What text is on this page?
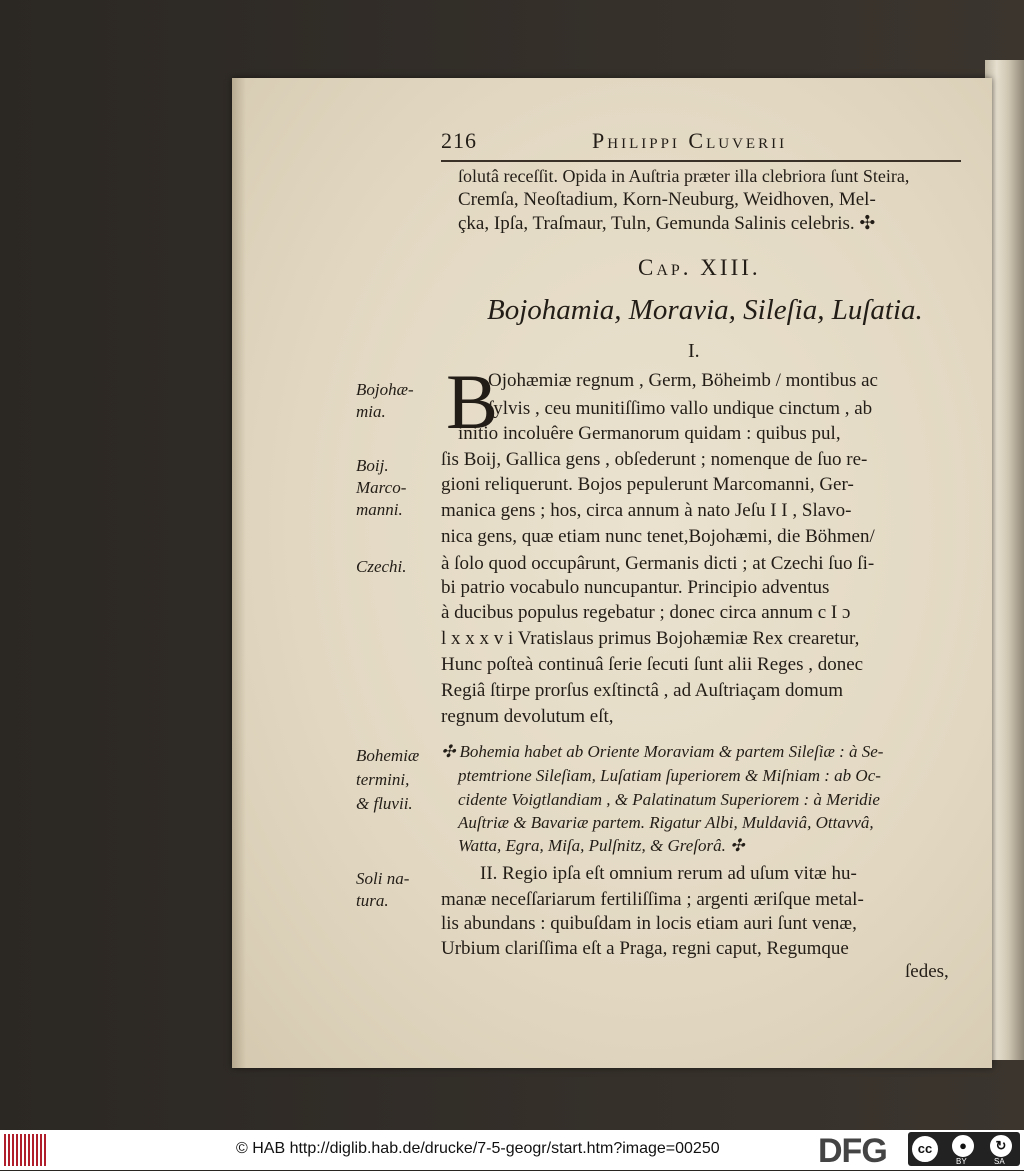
216	Philippi Cluverii
ſolutâ receſſit. Opida in Auſtria præter illa clebriora ſunt Steira,
Cremſa, Neoſtadium, Korn-Neuburg, Weidhoven, Mel-
çka, Ipſa, Traſmaur, Tuln, Gemunda Salinis celebris. ✣
Cap. XIII.
Bojohamia, Moravia, Sileſia, Luſatia.
I.
B
Ojohæmiæ regnum , Germ, Böheimb / montibus ac
ſylvis , ceu munitiſſimo vallo undique cinctum , ab
initio incoluêre Germanorum quidam : quibus pul,
ſis Boij, Gallica gens , obſederunt ; nomenque de ſuo re-
gioni reliquerunt. Bojos pepulerunt Marcomanni, Ger-
manica gens ; hos, circa annum à nato Jeſu I I , Slavo-
nica gens, quæ etiam nunc tenet,Bojohæmi, die Böhmen/
à ſolo quod occupârunt, Germanis dicti ; at Czechi ſuo ſi-
bi patrio vocabulo nuncupantur. Principio adventus
à ducibus populus regebatur ; donec circa annum c I ɔ
l x x x v i Vratislaus primus Bojohæmiæ Rex crearetur,
Hunc poſteà continuâ ſerie ſecuti ſunt alii Reges , donec
Regiâ ſtirpe prorſus exſtinctâ , ad Auſtriaçam domum
regnum devolutum eſt,
✣ Bohemia habet ab Oriente Moraviam & partem Sileſiæ : à Se-
ptemtrione Sileſiam, Luſatiam ſuperiorem & Miſniam : ab Oc-
cidente Voigtlandiam , & Palatinatum Superiorem : à Meridie
Auſtriæ & Bavariæ partem. Rigatur Albi, Muldaviâ, Ottavvâ,
Watta, Egra, Miſa, Pulſnitz, & Greſorâ. ✣
II. Regio ipſa eſt omnium rerum ad uſum vitæ hu-
manæ neceſſariarum fertiliſſima ; argenti æriſque metal-
lis abundans : quibuſdam in locis etiam auri ſunt venæ,
Urbium clariſſima eſt a Praga, regni caput, Regumque
ſedes,
Bojohæ-
mia.
Boij.
Marco-
manni.
Czechi.
Bohemiæ
termini,
& fluvii.
Soli na-
tura.
© HAB http://diglib.hab.de/drucke/7-5-geogr/start.htm?image=00250	DFG	cc	●
BY
↻
SA
